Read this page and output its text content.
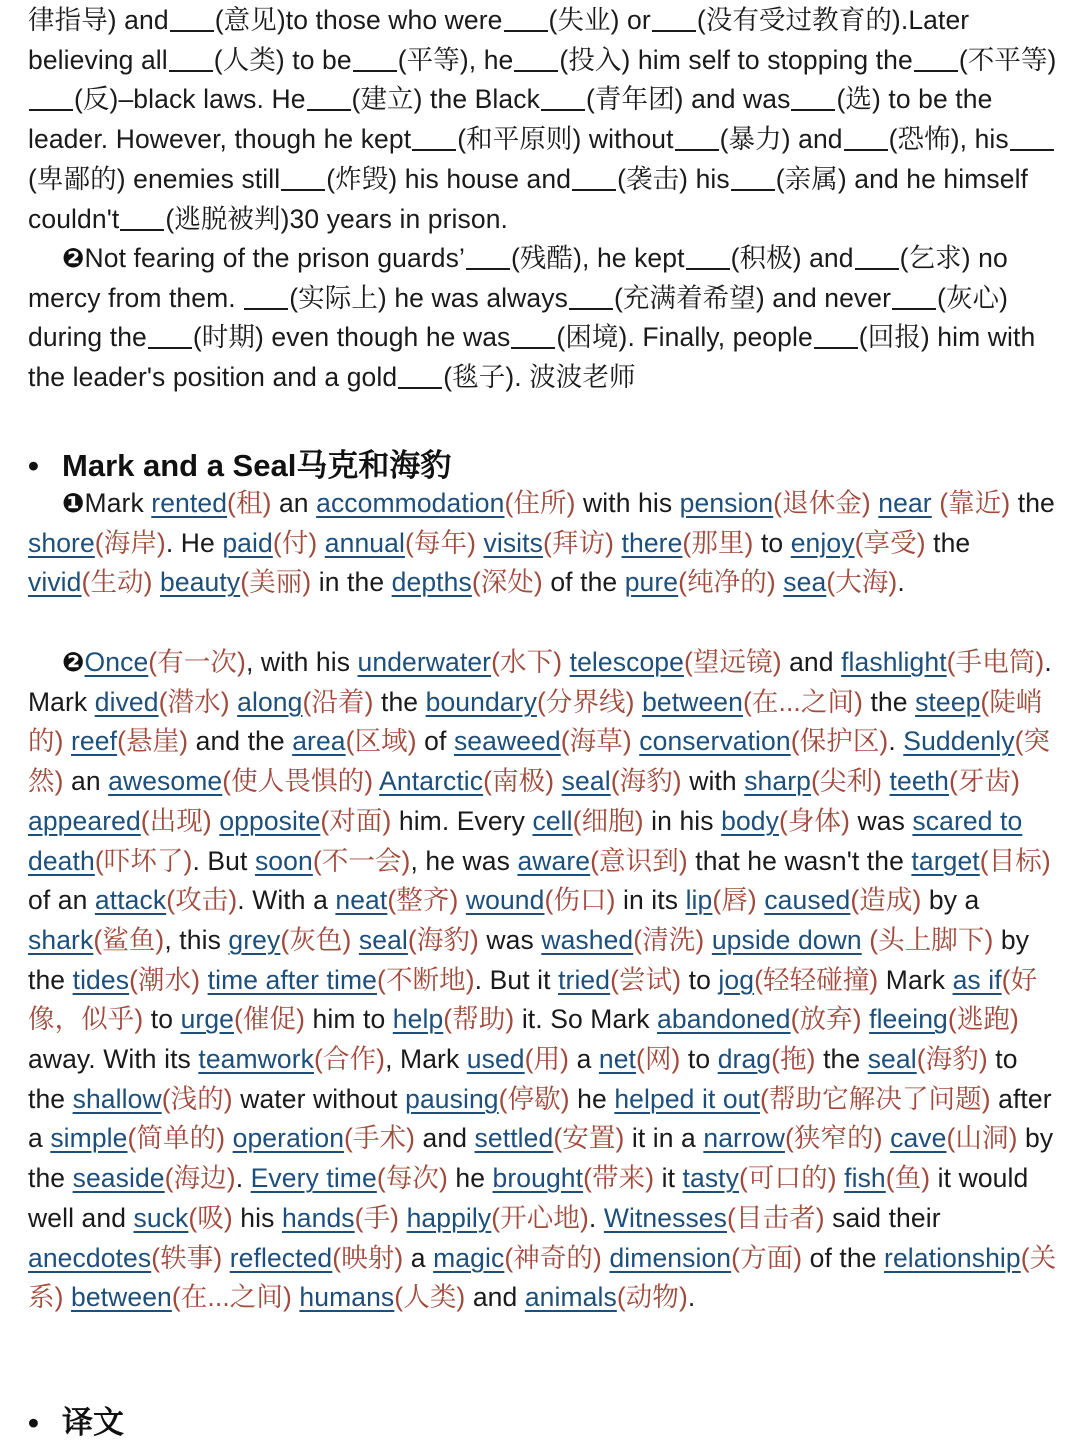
律指导) and (意见)to those who were (失业) or (没有受过教育的).Later believing all (人类) to be (平等), he (投入) him self to stopping the (不平等)(反)–black laws. He (建立) the Black (青年团) and was (选) to be the leader. However, though he kept (和平原则) without (暴力) and (恐怖), his(卑鄙的) enemies still (炸毁) his house and (袭击) his (亲属) and he himself couldn't (逃脱被判)30 years in prison.

❷Not fearing of the prison guards’ (残酷), he kept (积极) and (乞求) no mercy from them. (实际上) he was always (充满着希望) and never (灰心) during the (时期) even though he was (困境). Finally, people (回报) him with the leader's position and a gold (毯子). 波波老师

• Mark and a Seal马克和海豹

❶Mark rented(租) an accommodation(住所) with his pension(退休金) near (靠近) the shore(海岸). He paid(付) annual(每年) visits(拜访) there(那里) to enjoy(享受) the vivid(生动) beauty(美丽) in the depths(深处) of the pure(纯净的) sea(大海).

❷Once(有一次), with his underwater(水下) telescope(望远镜) and flashlight(手电筒). Mark dived(潜水) along(沿着) the boundary(分界线) between(在...之间) the steep(陡峭的) reef(悬崖) and the area(区域) of seaweed(海草) conservation(保护区). Suddenly(突然) an awesome(使人畏惧的) Antarctic(南极) seal(海豹) with sharp(尖利) teeth(牙齿) appeared(出现) opposite(对面) him. Every cell(细胞) in his body(身体) was scared to death(吓坏了). But soon(不一会), he was aware(意识到) that he wasn't the target(目标) of an attack(攻击). With a neat(整齐) wound(伤口) in its lip(唇) caused(造成) by a shark(鲨鱼), this grey(灰色) seal(海豹) was washed(清洗) upside down (头上脚下) by the tides(潮水) time after time(不断地). But it tried(尝试) to jog(轻轻碰撞) Mark as if(好像，似乎) to urge(催促) him to help(帮助) it. So Mark abandoned(放弃) fleeing(逃跑) away. With its teamwork(合作), Mark used(用) a net(网) to drag(拖) the seal(海豹) to the shallow(浅的) water without pausing(停歇) he helped it out(帮助它解决了问题) after a simple(简单的) operation(手术) and settled(安置) it in a narrow(狭窄的) cave(山洞) by the seaside(海边). Every time(每次) he brought(带来) it tasty(可口的) fish(鱼) it would well and suck(吸) his hands(手) happily(开心地). Witnesses(目击者) said their anecdotes(轶事) reflected(映射) a magic(神奇的) dimension(方面) of the relationship(关系) between(在...之间) humans(人类) and animals(动物).

• 译文
